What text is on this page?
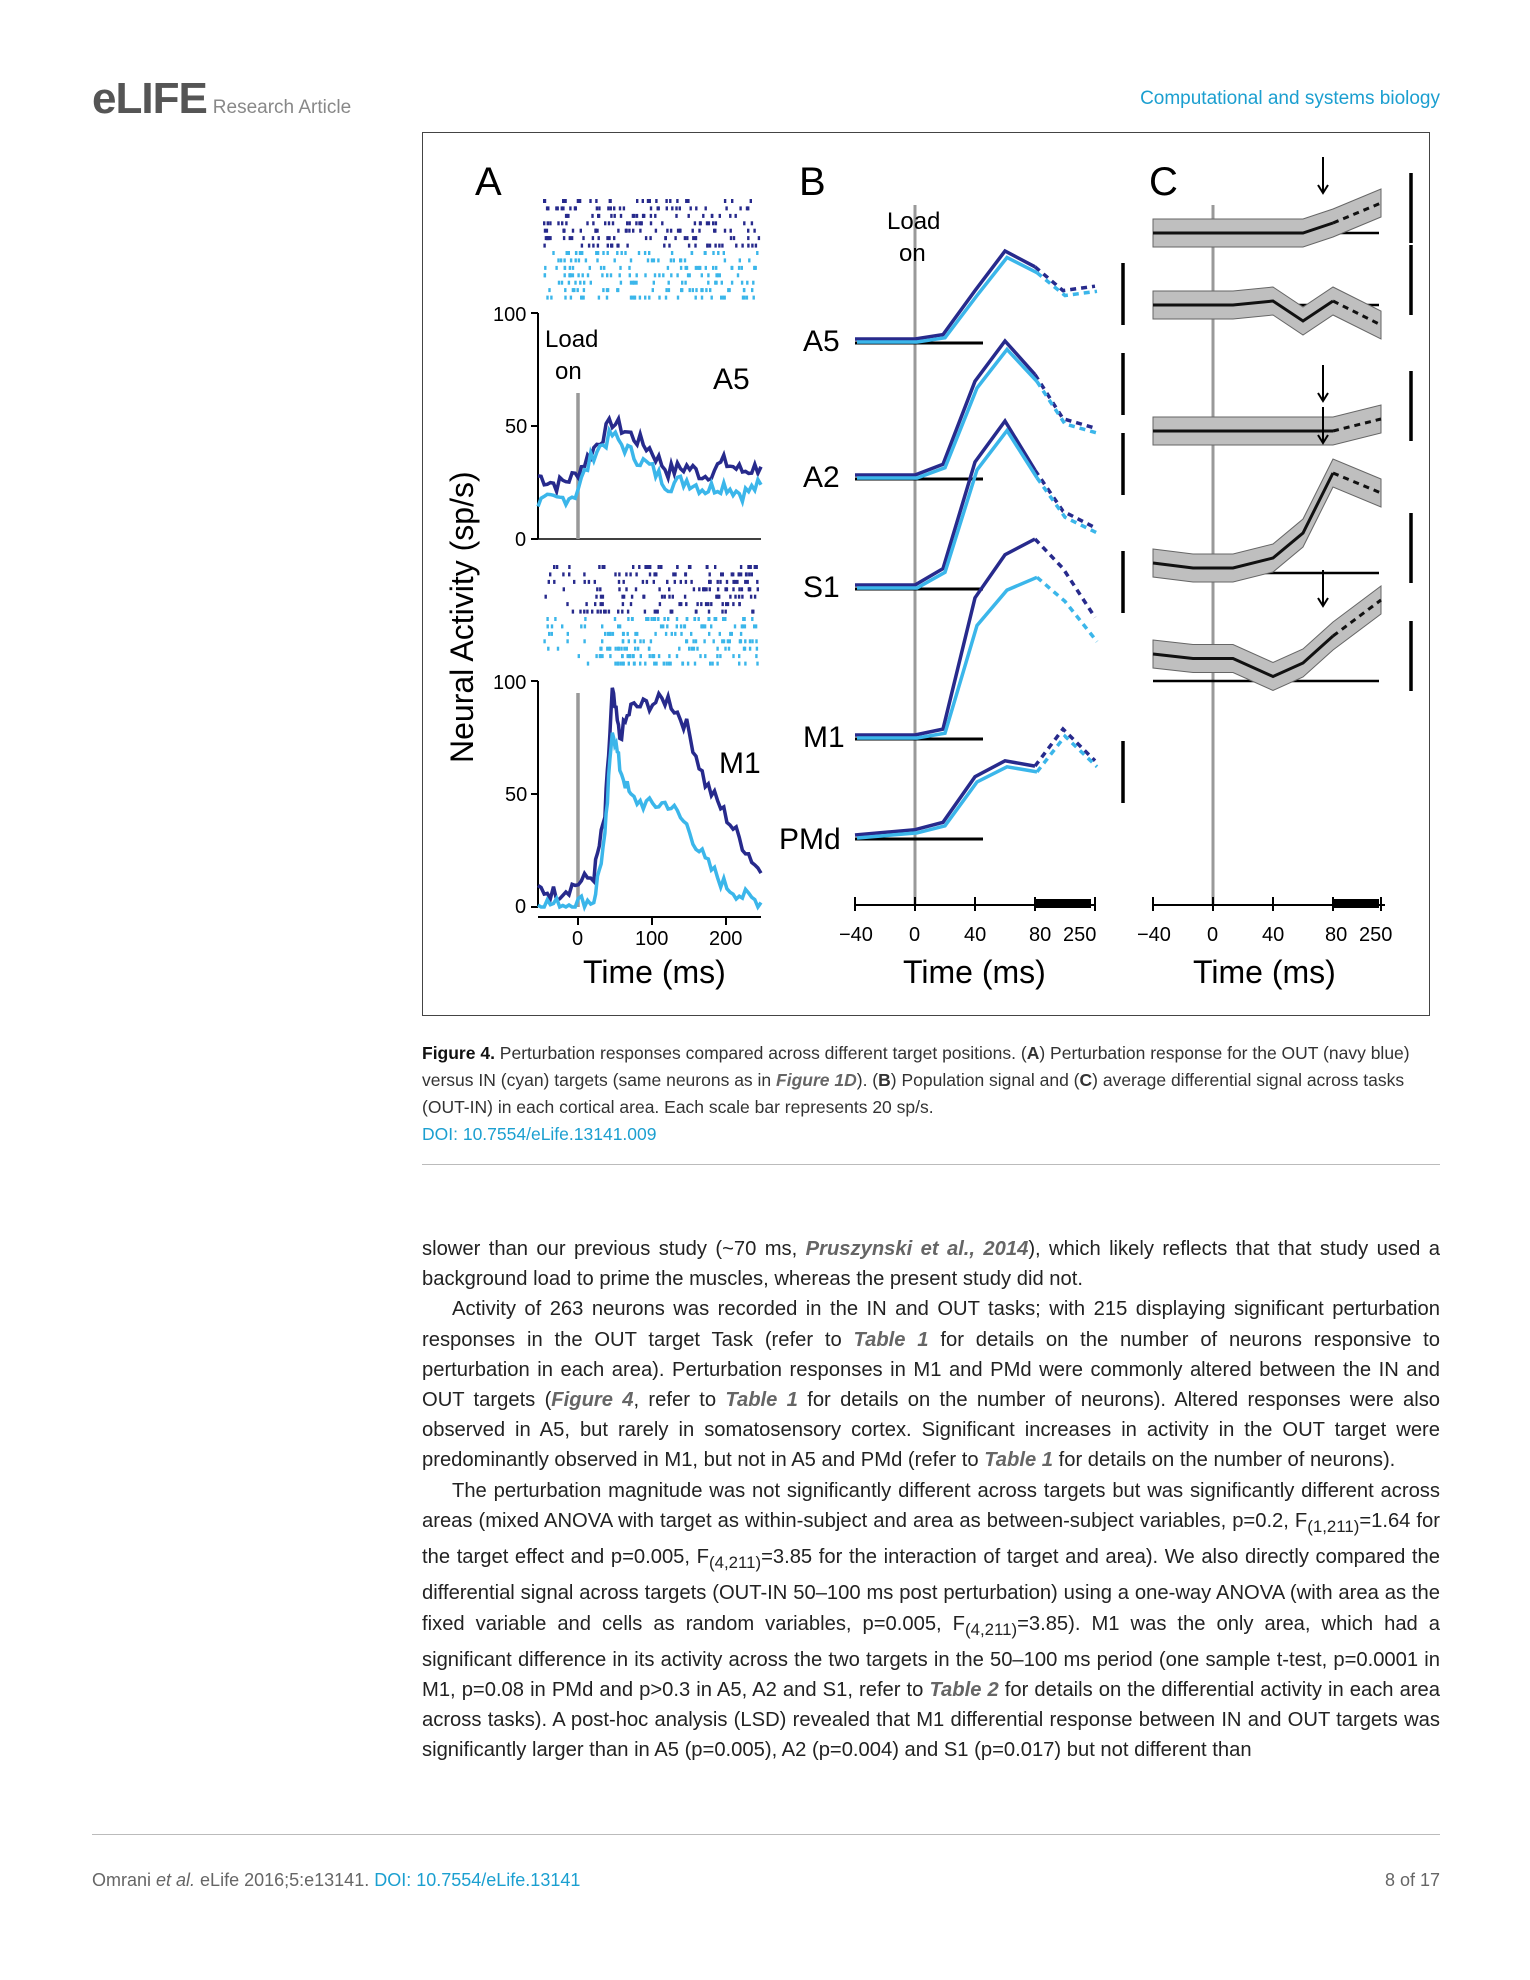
eLIFE Research Article	Computational and systems biology
A	B	C
Neural Activity (sp/s)
100
50
0
Load
on	A5
100
50
0
M1
0	100 200
Time (ms)
Load
on
A5
A2
S1
M1
PMd
−40 0 40 80 250
Time (ms)
−40 0 40 80 250
Time (ms)
Figure 4. Perturbation responses compared across different target positions. (A) Perturbation response for the OUT (navy blue) versus IN (cyan) targets (same neurons as in Figure 1D). (B) Population signal and (C) average differential signal across tasks (OUT-IN) in each cortical area. Each scale bar represents 20 sp/s.
DOI: 10.7554/eLife.13141.009

slower than our previous study (~70 ms, Pruszynski et al., 2014), which likely reflects that that study used a background load to prime the muscles, whereas the present study did not.

Activity of 263 neurons was recorded in the IN and OUT tasks; with 215 displaying significant perturbation responses in the OUT target Task (refer to Table 1 for details on the number of neurons responsive to perturbation in each area). Perturbation responses in M1 and PMd were commonly altered between the IN and OUT targets (Figure 4, refer to Table 1 for details on the number of neurons). Altered responses were also observed in A5, but rarely in somatosensory cortex. Significant increases in activity in the OUT target were predominantly observed in M1, but not in A5 and PMd (refer to Table 1 for details on the number of neurons).

The perturbation magnitude was not significantly different across targets but was significantly different across areas (mixed ANOVA with target as within-subject and area as between-subject variables, p=0.2, $F_{(1,211)}=1.64$ for the target effect and p=0.005, $F_{(4,211)}=3.85$ for the interaction of target and area). We also directly compared the differential signal across targets (OUT-IN 50–100 ms post perturbation) using a one-way ANOVA (with area as the fixed variable and cells as random variables, p=0.005, $F_{(4,211)}=3.85$). M1 was the only area, which had a significant difference in its activity across the two targets in the 50–100 ms period (one sample t-test, p=0.0001 in M1, p=0.08 in PMd and p>0.3 in A5, A2 and S1, refer to Table 2 for details on the differential activity in each area across tasks). A post-hoc analysis (LSD) revealed that M1 differential response between IN and OUT targets was significantly larger than in A5 (p=0.005), A2 (p=0.004) and S1 (p=0.017) but not different than

Omrani et al. eLife 2016;5:e13141. DOI: 10.7554/eLife.13141	8 of 17
